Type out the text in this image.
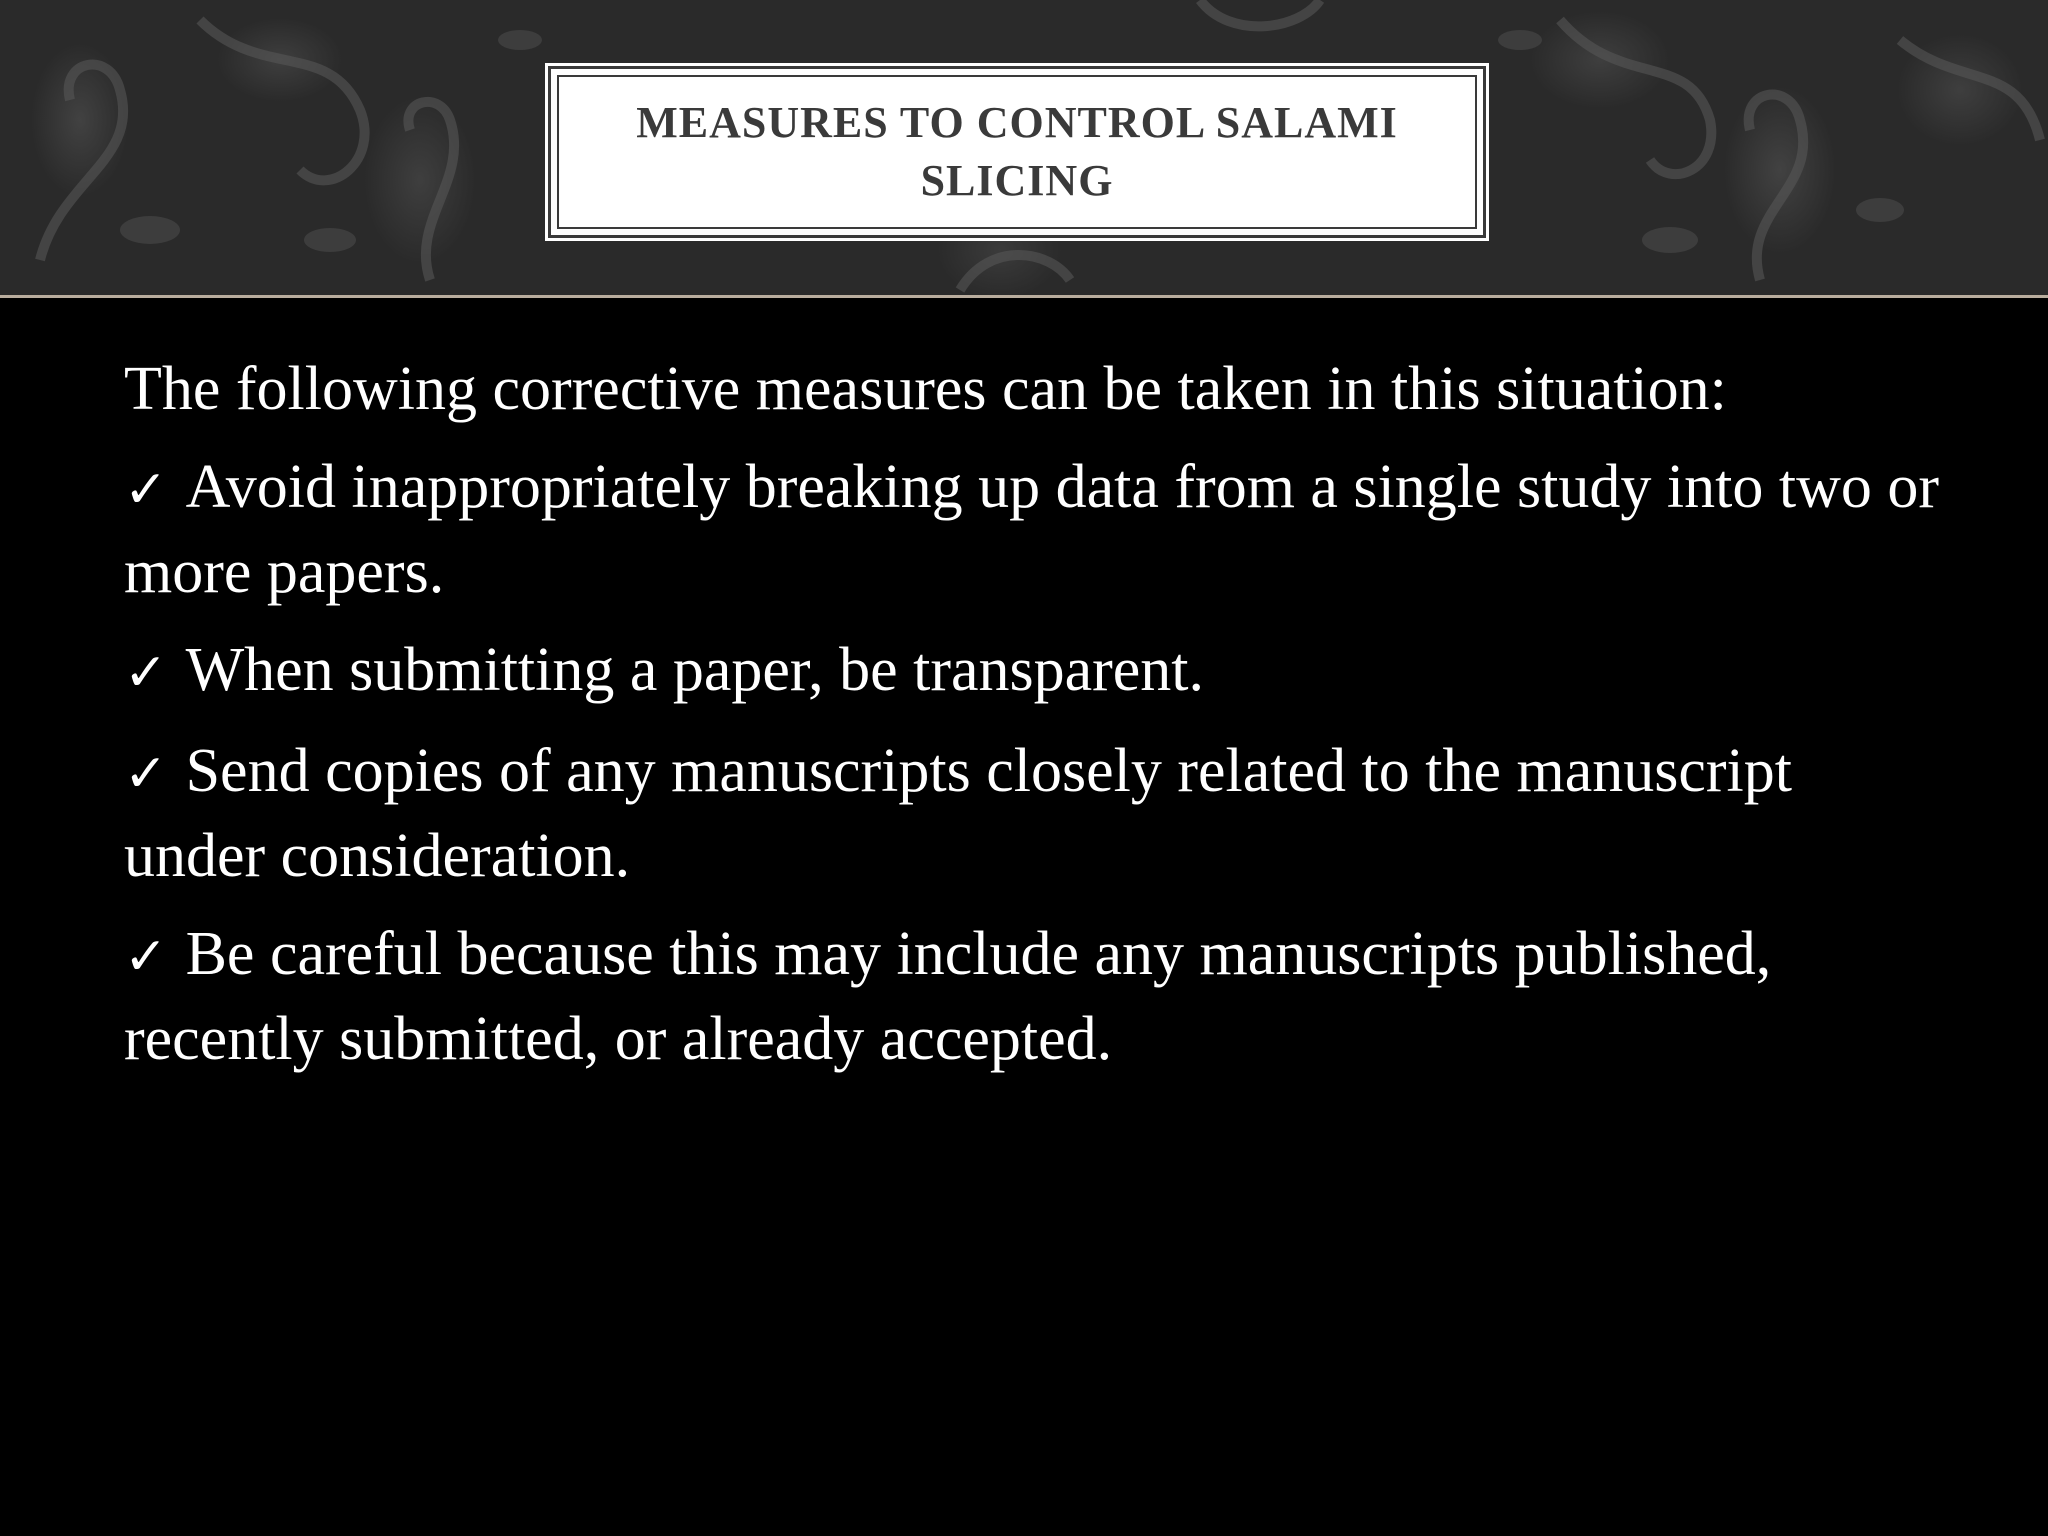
MEASURES TO CONTROL SALAMI SLICING

The following corrective measures can be taken in this situation:

✓ Avoid inappropriately breaking up data from a single study into two or more papers.

✓ When submitting a paper, be transparent.

✓ Send copies of any manuscripts closely related to the manuscript under consideration.

✓ Be careful because this may include any manuscripts published, recently submitted, or already accepted.
